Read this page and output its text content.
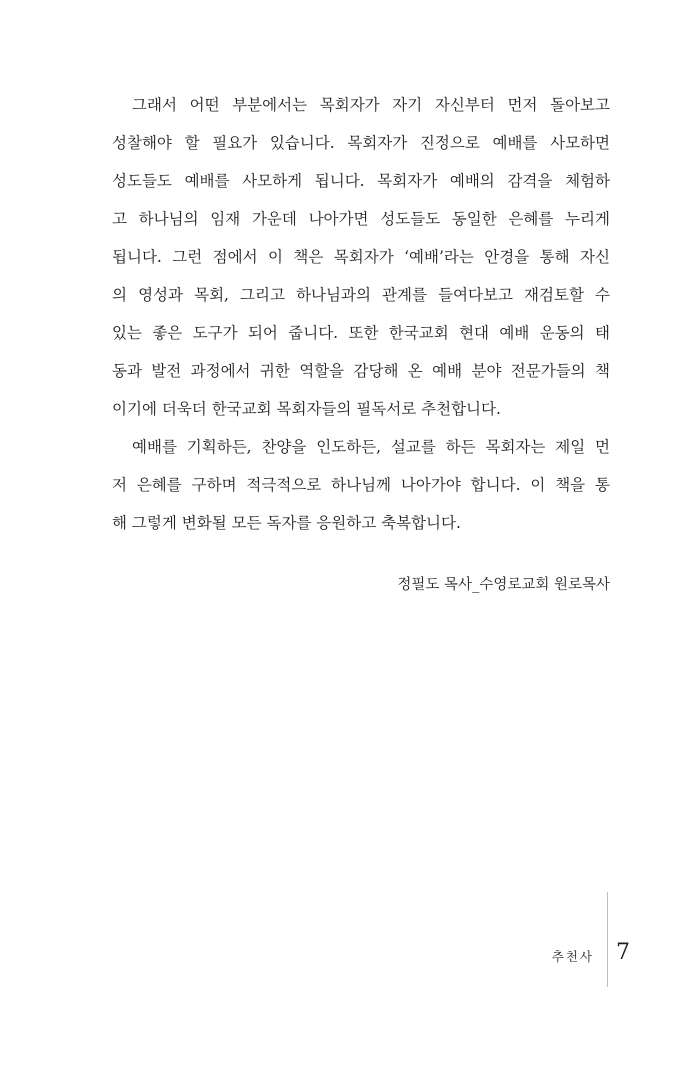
그래서 어떤 부분에서는 목회자가 자기 자신부터 먼저 돌아보고
성찰해야 할 필요가 있습니다. 목회자가 진정으로 예배를 사모하면
성도들도 예배를 사모하게 됩니다. 목회자가 예배의 감격을 체험하
고 하나님의 임재 가운데 나아가면 성도들도 동일한 은혜를 누리게
됩니다. 그런 점에서 이 책은 목회자가 ‘예배’라는 안경을 통해 자신
의 영성과 목회, 그리고 하나님과의 관계를 들여다보고 재검토할 수
있는 좋은 도구가 되어 줍니다. 또한 한국교회 현대 예배 운동의 태
동과 발전 과정에서 귀한 역할을 감당해 온 예배 분야 전문가들의 책
이기에 더욱더 한국교회 목회자들의 필독서로 추천합니다.
예배를 기획하든, 찬양을 인도하든, 설교를 하든 목회자는 제일 먼
저 은혜를 구하며 적극적으로 하나님께 나아가야 합니다. 이 책을 통
해 그렇게 변화될 모든 독자를 응원하고 축복합니다.
정필도 목사_수영로교회 원로목사
추천사 7
